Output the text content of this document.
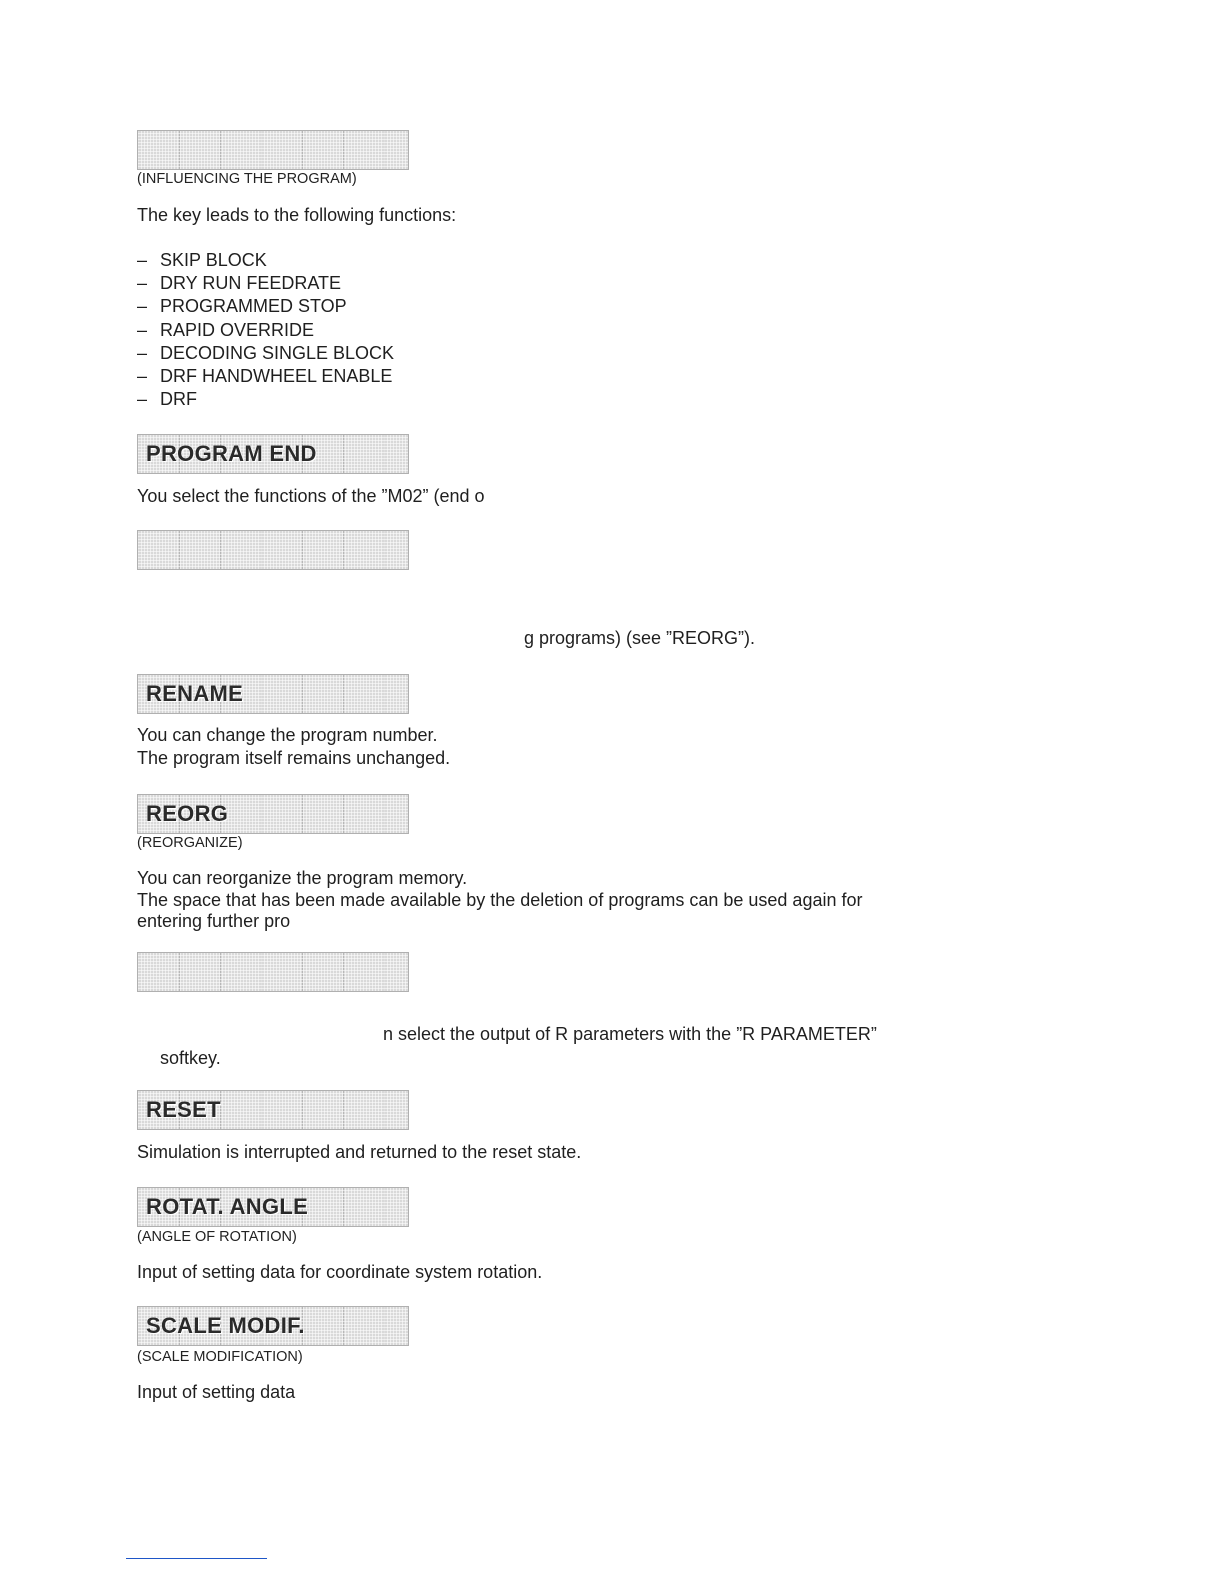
(INFLUENCING THE PROGRAM)
The key leads to the following functions:
– SKIP BLOCK
– DRY RUN FEEDRATE
– PROGRAMMED STOP
– RAPID OVERRIDE
– DECODING SINGLE BLOCK
– DRF HANDWHEEL ENABLE
– DRF
PROGRAM END
You select the functions of the ”M02” (end o
g programs) (see ”REORG”).
RENAME
You can change the program number.
The program itself remains unchanged.
REORG
(REORGANIZE)
You can reorganize the program memory.
The space that has been made available by the deletion of programs can be used again for
entering further pro
n select the output of R parameters with the ”R PARAMETER”
softkey.
RESET
Simulation is interrupted and returned to the reset state.
ROTAT. ANGLE
(ANGLE OF ROTATION)
Input of setting data for coordinate system rotation.
SCALE MODIF.
(SCALE MODIFICATION)
Input of setting data
